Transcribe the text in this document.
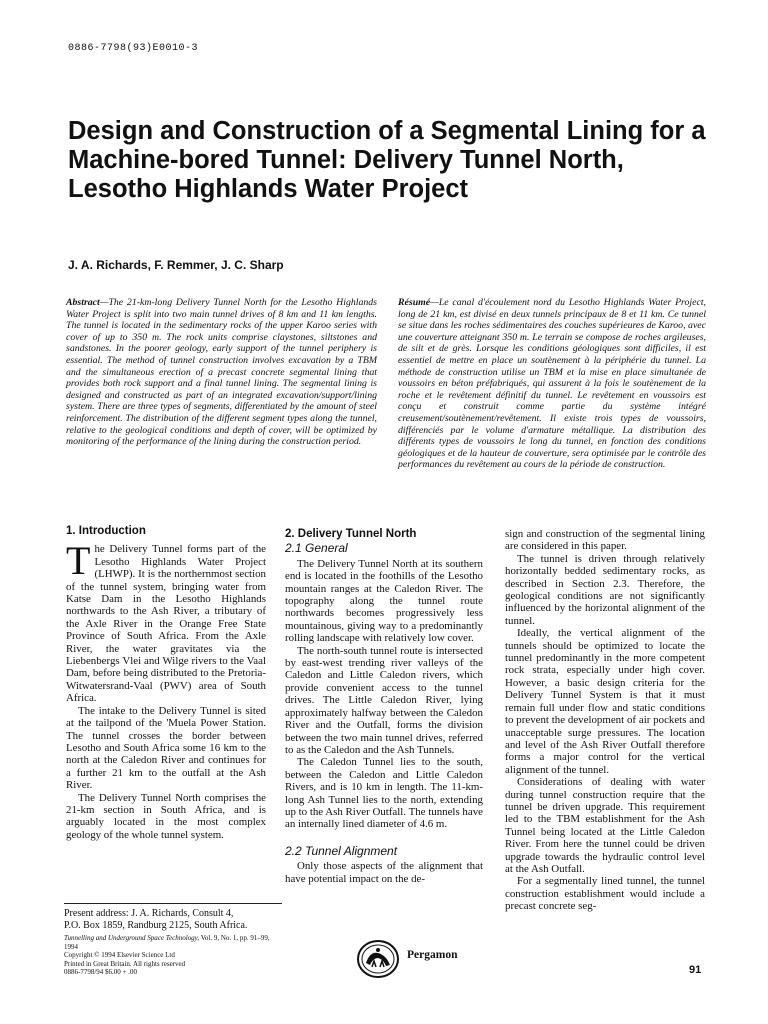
0886-7798(93)E0010-3
Design and Construction of a Segmental Lining for a Machine-bored Tunnel: Delivery Tunnel North, Lesotho Highlands Water Project
J. A. Richards, F. Remmer, J. C. Sharp
Abstract—The 21-km-long Delivery Tunnel North for the Lesotho Highlands Water Project is split into two main tunnel drives of 8 km and 11 km lengths. The tunnel is located in the sedimentary rocks of the upper Karoo series with cover of up to 350 m. The rock units comprise claystones, siltstones and sandstones. In the poorer geology, early support of the tunnel periphery is essential. The method of tunnel construction involves excavation by a TBM and the simultaneous erection of a precast concrete segmental lining that provides both rock support and a final tunnel lining. The segmental lining is designed and constructed as part of an integrated excavation/support/lining system. There are three types of segments, differentiated by the amount of steel reinforcement. The distribution of the different segment types along the tunnel, relative to the geological conditions and depth of cover, will be optimized by monitoring of the performance of the lining during the construction period.
Résumé—Le canal d'écoulement nord du Lesotho Highlands Water Project, long de 21 km, est divisé en deux tunnels principaux de 8 et 11 km. Ce tunnel se situe dans les roches sédimentaires des couches supérieures de Karoo, avec une couverture atteignant 350 m. Le terrain se compose de roches argileuses, de silt et de grès. Lorsque les conditions géologiques sont difficiles, il est essentiel de mettre en place un soutènement à la périphérie du tunnel. La méthode de construction utilise un TBM et la mise en place simultanée de voussoirs en béton préfabriqués, qui assurent à la fois le soutènement de la roche et le revêtement définitif du tunnel. Le revêtement en voussoirs est conçu et construit comme partie du système intégré creusement/soutènement/revêtement. Il existe trois types de voussoirs, différenciés par le volume d'armature métallique. La distribution des différents types de voussoirs le long du tunnel, en fonction des conditions géologiques et de la hauteur de couverture, sera optimisée par le contrôle des performances du revêtement au cours de la période de construction.
1. Introduction

The Delivery Tunnel forms part of the Lesotho Highlands Water Project (LHWP). It is the northernmost section of the tunnel system, bringing water from Katse Dam in the Lesotho Highlands northwards to the Ash River, a tributary of the Axle River in the Orange Free State Province of South Africa. From the Axle River, the water gravitates via the Liebenbergs Vlei and Wilge rivers to the Vaal Dam, before being distributed to the Pretoria-Witwatersrand-Vaal (PWV) area of South Africa.

The intake to the Delivery Tunnel is sited at the tailpond of the 'Muela Power Station. The tunnel crosses the border between Lesotho and South Africa some 16 km to the north at the Caledon River and continues for a further 21 km to the outfall at the Ash River.

The Delivery Tunnel North comprises the 21-km section in South Africa, and is arguably located in the most complex geology of the whole tunnel system.

2. Delivery Tunnel North
2.1 General

The Delivery Tunnel North at its southern end is located in the foothills of the Lesotho mountain ranges at the Caledon River. The topography along the tunnel route northwards becomes progressively less mountainous, giving way to a predominantly rolling landscape with relatively low cover.

The north-south tunnel route is intersected by east-west trending river valleys of the Caledon and Little Caledon rivers, which provide convenient access to the tunnel drives. The Little Caledon River, lying approximately halfway between the Caledon River and the Outfall, forms the division between the two main tunnel drives, referred to as the Caledon and the Ash Tunnels.

The Caledon Tunnel lies to the south, between the Caledon and Little Caledon Rivers, and is 10 km in length. The 11-km-long Ash Tunnel lies to the north, extending up to the Ash River Outfall. The tunnels have an internally lined diameter of 4.6 m.

2.2 Tunnel Alignment

Only those aspects of the alignment that have potential impact on the de-

sign and construction of the segmental lining are considered in this paper.

The tunnel is driven through relatively horizontally bedded sedimentary rocks, as described in Section 2.3. Therefore, the geological conditions are not significantly influenced by the horizontal alignment of the tunnel.

Ideally, the vertical alignment of the tunnels should be optimized to locate the tunnel predominantly in the more competent rock strata, especially under high cover. However, a basic design criteria for the Delivery Tunnel System is that it must remain full under flow and static conditions to prevent the development of air pockets and unacceptable surge pressures. The location and level of the Ash River Outfall therefore forms a major control for the vertical alignment of the tunnel.

Considerations of dealing with water during tunnel construction require that the tunnel be driven upgrade. This requirement led to the TBM establishment for the Ash Tunnel being located at the Little Caledon River. From here the tunnel could be driven upgrade towards the hydraulic control level at the Ash Outfall.

For a segmentally lined tunnel, the tunnel construction establishment would include a precast concrete seg-

Present address: J. A. Richards, Consult 4,
P.O. Box 1859, Randburg 2125, South Africa.
Tunnelling and Underground Space Technology, Vol. 9, No. 1, pp. 91–99, 1994
Copyright © 1994 Elsevier Science Ltd
Printed in Great Britain. All rights reserved
0886-7798/94 $6.00 + .00
Pergamon
91
